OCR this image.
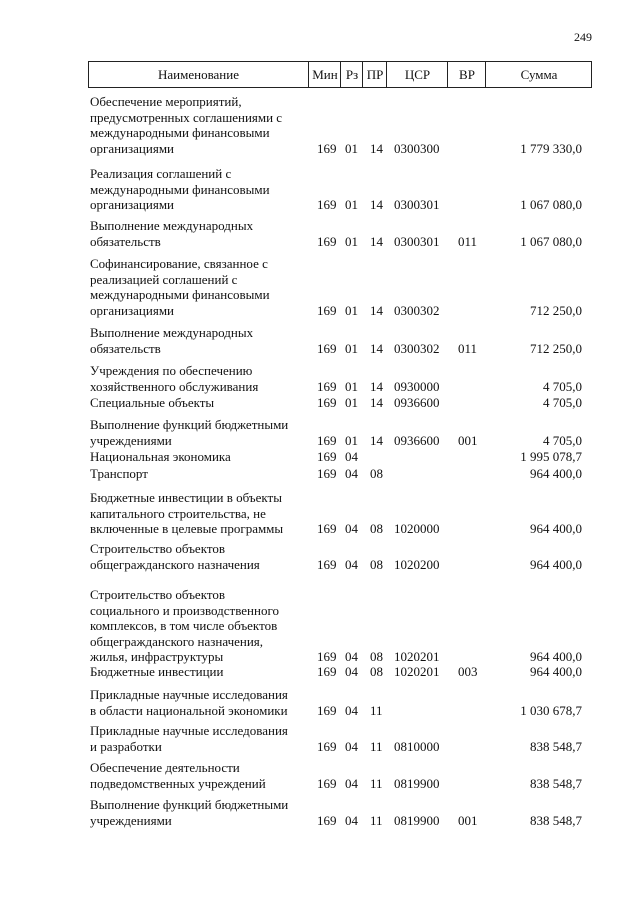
249
Наименование	Мин Рз ПР	ЦСР	ВР	Сумма
Обеспечение мероприятий,
предусмотренных соглашениями с
международными финансовыми
организациями	169 01 14 0300300	1 779 330,0
Реализация соглашений с
международными финансовыми
организациями	169 01 14 0300301	1 067 080,0
Выполнение международных
обязательств	169 01 14 0300301 011	1 067 080,0
Софинансирование, связанное с
реализацией соглашений с
международными финансовыми
организациями	169 01 14 0300302	712 250,0
Выполнение международных
обязательств	169 01 14 0300302 011	712 250,0
Учреждения по обеспечению
хозяйственного обслуживания	169 01 14 0930000	4 705,0
Специальные объекты	169 01 14 0936600	4 705,0
Выполнение функций бюджетными
учреждениями	169 01 14 0936600 001	4 705,0
Национальная экономика	169 04	1 995 078,7
Транспорт	169 04 08	964 400,0
Бюджетные инвестиции в объекты
капитального строительства, не
включенные в целевые программы	169 04 08 1020000	964 400,0
Строительство объектов
общегражданского назначения	169 04 08 1020200	964 400,0
Строительство объектов
социального и производственного
комплексов, в том числе объектов
общегражданского назначения,
жилья, инфраструктуры	169 04 08 1020201	964 400,0
Бюджетные инвестиции	169 04 08 1020201 003	964 400,0
Прикладные научные исследования
в области национальной экономики	169 04 11	1 030 678,7
Прикладные научные исследования
и разработки	169 04 11 0810000	838 548,7
Обеспечение деятельности
подведомственных учреждений	169 04 11 0819900	838 548,7
Выполнение функций бюджетными
учреждениями	169 04 11 0819900 001	838 548,7
